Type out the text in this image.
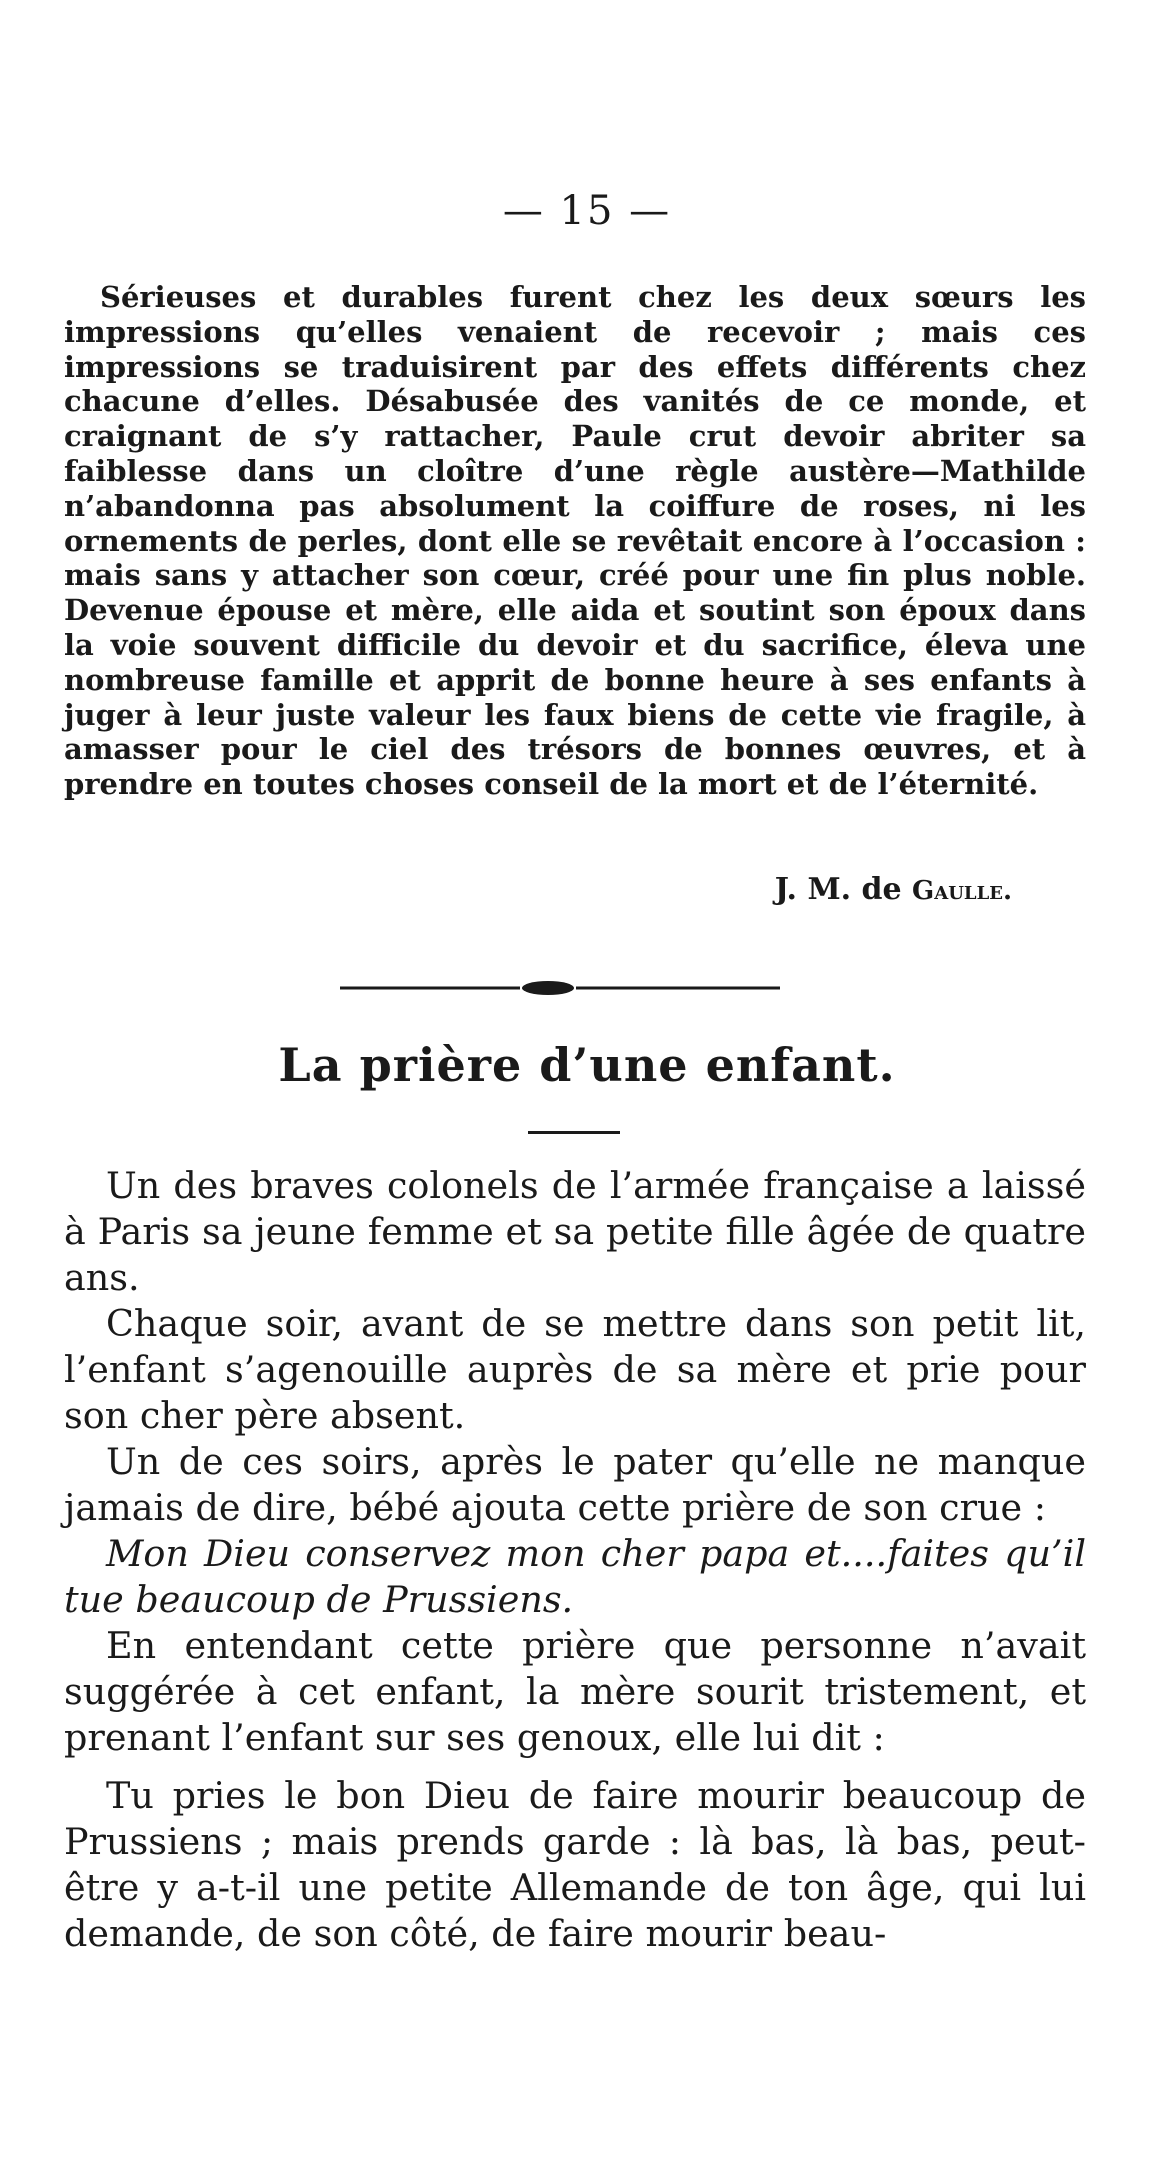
— 15 —

Sérieuses et durables furent chez les deux sœurs les impressions qu’elles venaient de recevoir ; mais ces impressions se traduisirent par des effets différents chez chacune d’elles. Désabusée des vanités de ce monde, et craignant de s’y rattacher, Paule crut devoir abriter sa faiblesse dans un cloître d’une règle austère—Mathilde n’abandonna pas absolument la coiffure de roses, ni les ornements de perles, dont elle se revêtait encore à l’occasion : mais sans y attacher son cœur, créé pour une fin plus noble. Devenue épouse et mère, elle aida et soutint son époux dans la voie souvent difficile du devoir et du sacrifice, éleva une nombreuse famille et apprit de bonne heure à ses enfants à juger à leur juste valeur les faux biens de cette vie fragile, à amasser pour le ciel des trésors de bonnes œuvres, et à prendre en toutes choses conseil de la mort et de l’éternité.

J. M. de Gaulle.

La prière d’une enfant.

Un des braves colonels de l’armée française a laissé à Paris sa jeune femme et sa petite fille âgée de quatre ans.

Chaque soir, avant de se mettre dans son petit lit, l’enfant s’agenouille auprès de sa mère et prie pour son cher père absent.

Un de ces soirs, après le pater qu’elle ne manque jamais de dire, bébé ajouta cette prière de son crue :

Mon Dieu conservez mon cher papa et....faites qu’il tue beaucoup de Prussiens.

En entendant cette prière que personne n’avait suggérée à cet enfant, la mère sourit tristement, et prenant l’enfant sur ses genoux, elle lui dit :

Tu pries le bon Dieu de faire mourir beaucoup de Prussiens ; mais prends garde : là bas, là bas, peut-être y a-t-il une petite Allemande de ton âge, qui lui demande, de son côté, de faire mourir beau-
